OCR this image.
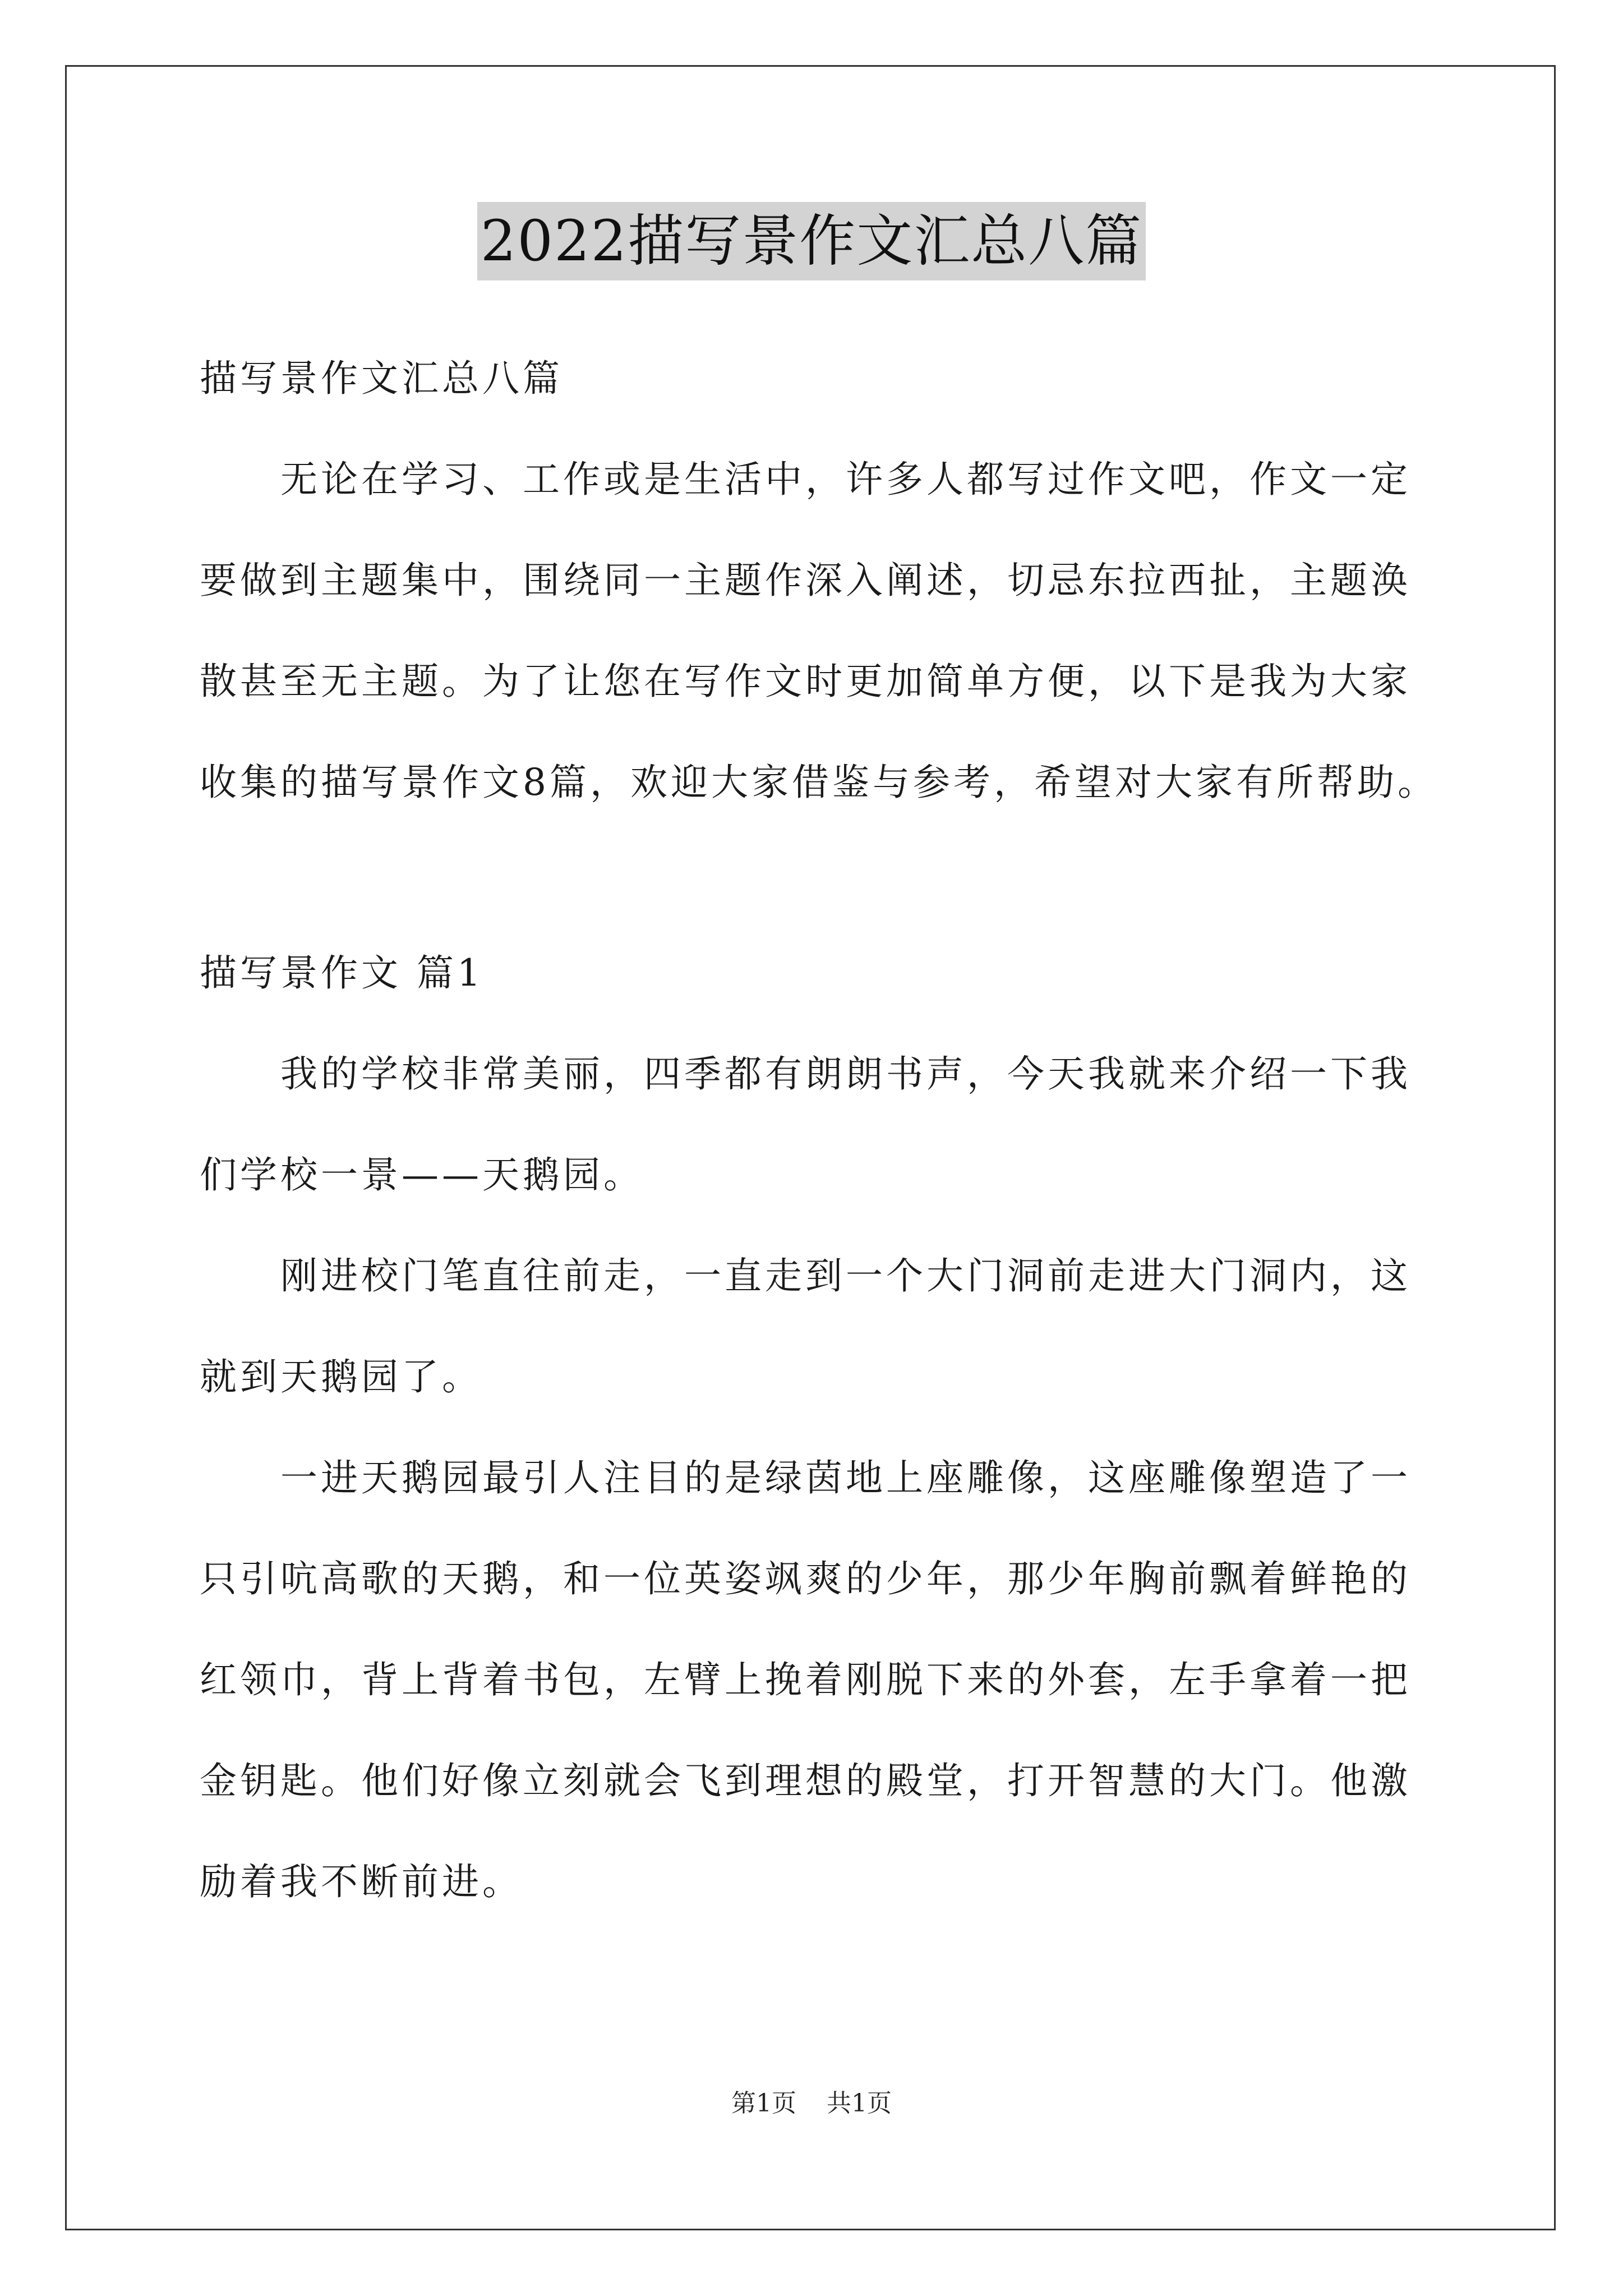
2022描写景作文汇总八篇
描写景作文汇总八篇
　　无论在学习、工作或是生活中，许多人都写过作文吧，作文一定
要做到主题集中，围绕同一主题作深入阐述，切忌东拉西扯，主题涣
散甚至无主题。为了让您在写作文时更加简单方便，以下是我为大家
收集的描写景作文8篇，欢迎大家借鉴与参考，希望对大家有所帮助。
描写景作文 篇1
　　我的学校非常美丽，四季都有朗朗书声，今天我就来介绍一下我
们学校一景——天鹅园。
　　刚进校门笔直往前走，一直走到一个大门洞前走进大门洞内，这
就到天鹅园了。
　　一进天鹅园最引人注目的是绿茵地上座雕像，这座雕像塑造了一
只引吭高歌的天鹅，和一位英姿飒爽的少年，那少年胸前飘着鲜艳的
红领巾，背上背着书包，左臂上挽着刚脱下来的外套，左手拿着一把
金钥匙。他们好像立刻就会飞到理想的殿堂，打开智慧的大门。他激
励着我不断前进。
第1页 共1页
